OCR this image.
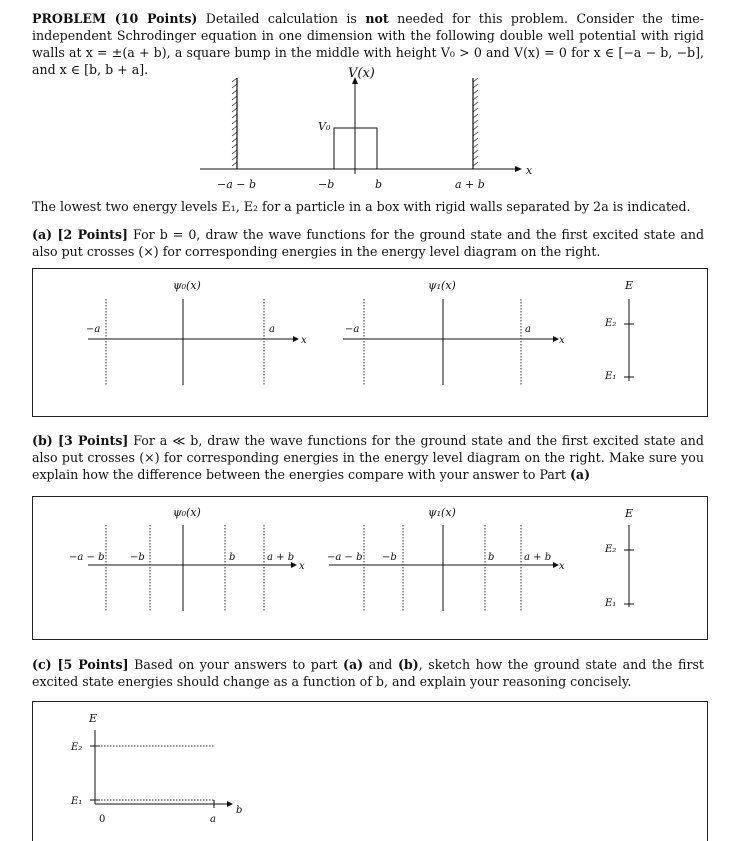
PROBLEM (10 Points) Detailed calculation is not needed for this problem. Consider the time-independent Schrodinger equation in one dimension with the following double well potential with rigid walls at x = ±(a + b), a square bump in the middle with height V₀ > 0 and V(x) = 0 for x ∈ [−a − b, −b], and x ∈ [b, b + a].	V(x)
x
V₀
−a − b	−b	b	a + b
The lowest two energy levels E₁, E₂ for a particle in a box with rigid walls separated by 2a is indicated.
(a) [2 Points] For b = 0, draw the wave functions for the ground state and the first excited state and also put crosses (×) for corresponding energies in the energy level diagram on the right.
ψ₀(x)
−a	a
x
ψ₁(x)
−a	a
x
E
E₂
E₁
(b) [3 Points] For a ≪ b, draw the wave functions for the ground state and the first excited state and also put crosses (×) for corresponding energies in the energy level diagram on the right. Make sure you explain how the difference between the energies compare with your answer to Part (a)
ψ₀(x)
−a − b	−b	b	a + b
x
ψ₁(x)
−a − b −b	b	a + b
x
E
E₂
E₁
(c) [5 Points] Based on your answers to part (a) and (b), sketch how the ground state and the first excited state energies should change as a function of b, and explain your reasoning concisely.
E
E₂
E₁
0	a
b
